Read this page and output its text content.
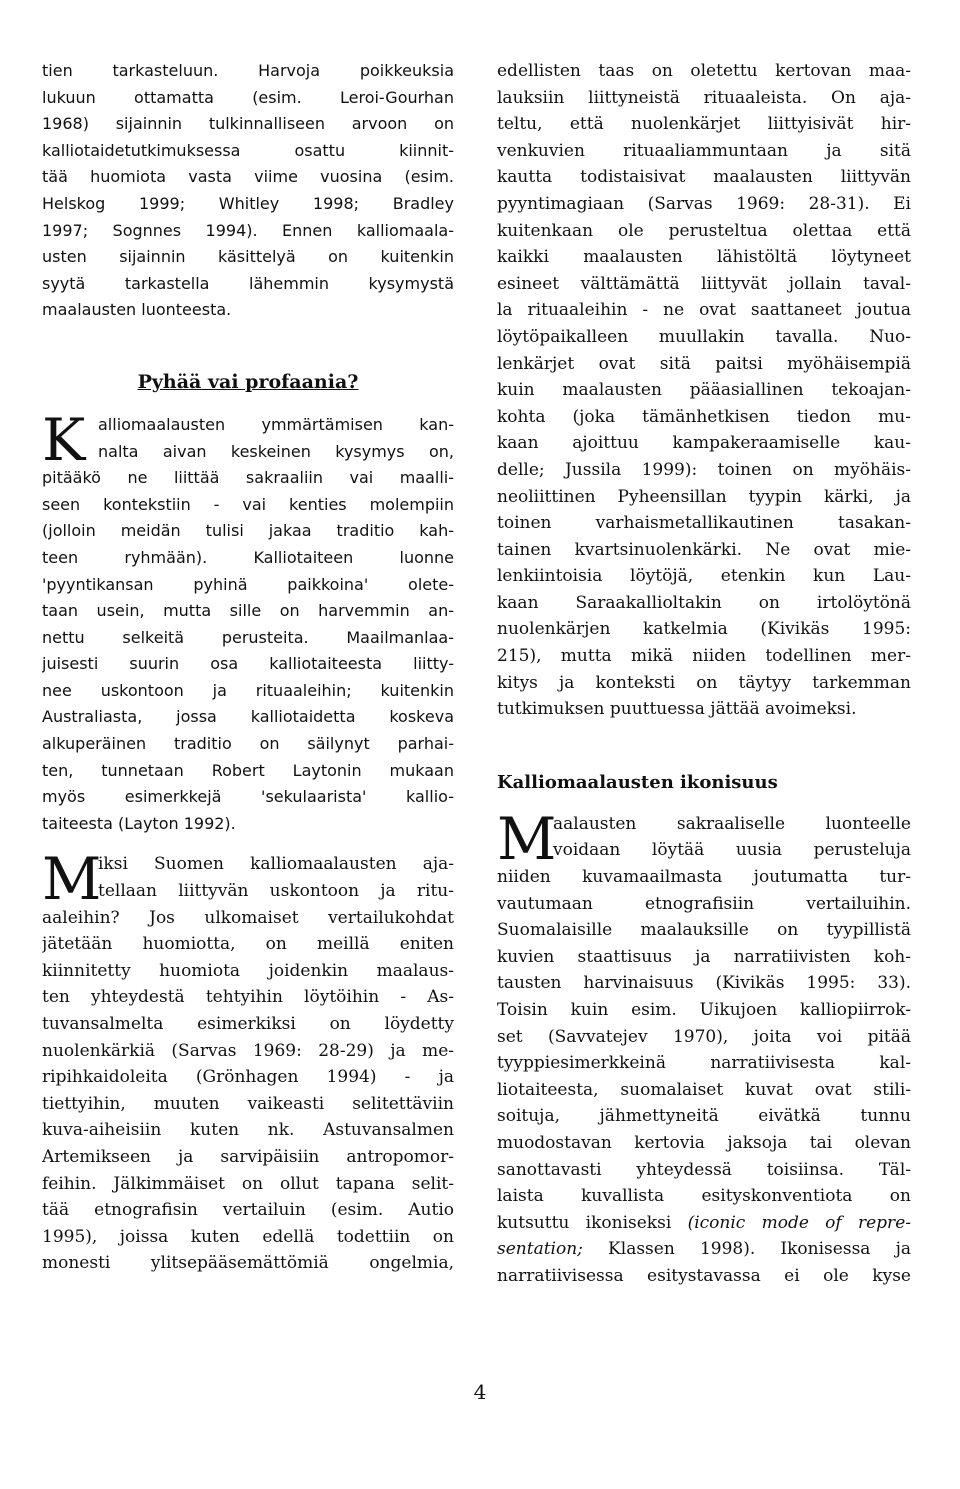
tien tarkasteluun. Harvoja poikkeuksia
lukuun ottamatta (esim. Leroi-Gourhan
1968) sijainnin tulkinnalliseen arvoon on
kalliotaidetutkimuksessa osattu kiinnit-
tää huomiota vasta viime vuosina (esim.
Helskog 1999; Whitley 1998; Bradley
1997; Sognnes 1994). Ennen kalliomaala-
usten sijainnin käsittelyä on kuitenkin
syytä tarkastella lähemmin kysymystä
maalausten luonteesta.
Pyhää vai profaania?
K alliomaalausten ymmärtämisen kan-
nalta aivan keskeinen kysymys on,
pitääkö ne liittää sakraaliin vai maalli-
seen kontekstiin - vai kenties molempiin
(jolloin meidän tulisi jakaa traditio kah-
teen ryhmään). Kalliotaiteen luonne
'pyyntikansan pyhinä paikkoina' olete-
taan usein, mutta sille on harvemmin an-
nettu selkeitä perusteita. Maailmanlaa-
juisesti suurin osa kalliotaiteesta liitty-
nee uskontoon ja rituaaleihin; kuitenkin
Australiasta, jossa kalliotaidetta koskeva
alkuperäinen traditio on säilynyt parhai-
ten, tunnetaan Robert Laytonin mukaan
myös esimerkkejä 'sekulaarista' kallio-
taiteesta (Layton 1992).
M
iksi Suomen kalliomaalausten aja-
tellaan liittyvän uskontoon ja ritu-
aaleihin? Jos ulkomaiset vertailukohdat
jätetään huomiotta, on meillä eniten
kiinnitetty huomiota joidenkin maalaus-
ten yhteydestä tehtyihin löytöihin - As-
tuvansalmelta esimerkiksi on löydetty
nuolenkärkiä (Sarvas 1969: 28-29) ja me-
ripihkaidoleita (Grönhagen 1994) - ja
tiettyihin, muuten vaikeasti selitettäviin
kuva-aiheisiin kuten nk. Astuvansalmen
Artemikseen ja sarvipäisiin antropomor-
feihin. Jälkimmäiset on ollut tapana selit-
tää etnografisin vertailuin (esim. Autio
1995), joissa kuten edellä todettiin on
monesti ylitsepääsemättömiä ongelmia,
edellisten taas on oletettu kertovan maa-
lauksiin liittyneistä rituaaleista. On aja-
teltu, että nuolenkärjet liittyisivät hir-
venkuvien rituaaliammuntaan ja sitä
kautta todistaisivat maalausten liittyvän
pyyntimagiaan (Sarvas 1969: 28-31). Ei
kuitenkaan ole perusteltua olettaa että
kaikki maalausten lähistöltä löytyneet
esineet välttämättä liittyvät jollain taval-
la rituaaleihin - ne ovat saattaneet joutua
löytöpaikalleen muullakin tavalla. Nuo-
lenkärjet ovat sitä paitsi myöhäisempiä
kuin maalausten pääasiallinen tekoajan-
kohta (joka tämänhetkisen tiedon mu-
kaan ajoittuu kampakeraamiselle kau-
delle; Jussila 1999): toinen on myöhäis-
neoliittinen Pyheensillan tyypin kärki, ja
toinen varhaismetallikautinen tasakan-
tainen kvartsinuolenkärki. Ne ovat mie-
lenkiintoisia löytöjä, etenkin kun Lau-
kaan Saraakallioltakin on irtolöytönä
nuolenkärjen katkelmia (Kivikäs 1995:
215), mutta mikä niiden todellinen mer-
kitys ja konteksti on täytyy tarkemman
tutkimuksen puuttuessa jättää avoimeksi.
Kalliomaalausten ikonisuus
M
aalausten sakraaliselle luonteelle
voidaan löytää uusia perusteluja
niiden kuvamaailmasta joutumatta tur-
vautumaan etnografisiin vertailuihin.
Suomalaisille maalauksille on tyypillistä
kuvien staattisuus ja narratiivisten koh-
tausten harvinaisuus (Kivikäs 1995: 33).
Toisin kuin esim. Uikujoen kalliopiirrok-
set (Savvatejev 1970), joita voi pitää
tyyppiesimerkkeinä narratiivisesta kal-
liotaiteesta, suomalaiset kuvat ovat stili-
soituja, jähmettyneitä eivätkä tunnu
muodostavan kertovia jaksoja tai olevan
sanottavasti yhteydessä toisiinsa. Täl-
laista kuvallista esityskonventiota on
kutsuttu ikoniseksi (iconic mode of repre-
sentation; Klassen 1998). Ikonisessa ja
narratiivisessa esitystavassa ei ole kyse
4
